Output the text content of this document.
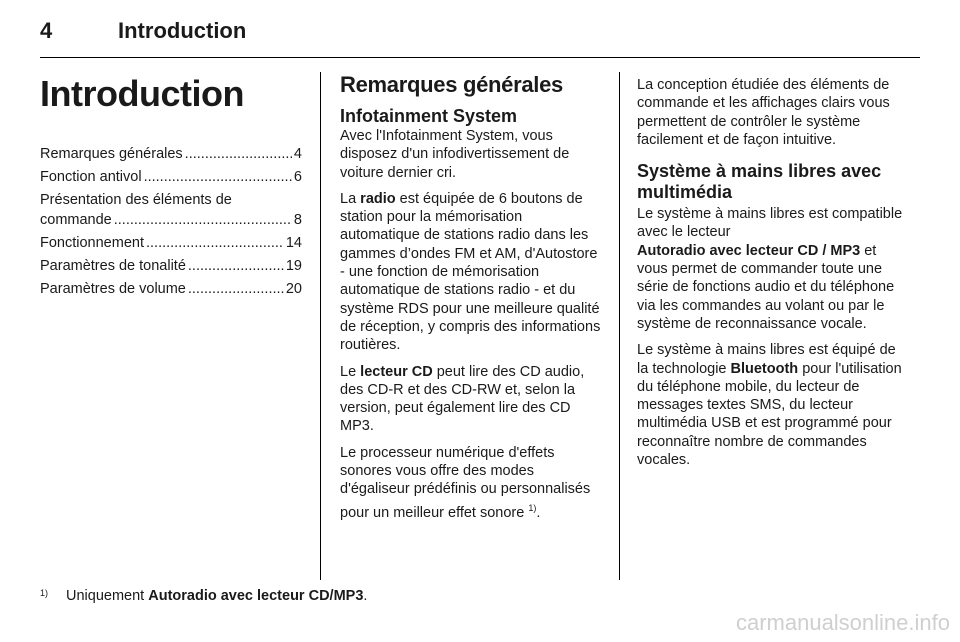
4	Introduction
Introduction
Remarques générales .....	4
Fonction antivol .....	6
Présentation des éléments de
commande .....	8
Fonctionnement .....	14
Paramètres de tonalité .....	19
Paramètres de volume .....	20
Remarques générales
Infotainment System

Avec l'Infotainment System, vous disposez d'un infodivertissement de voiture dernier cri.

La radio est équipée de 6 boutons de station pour la mémorisation automatique de stations radio dans les gammes d’ondes FM et AM, d'Autostore - une fonction de mémorisation automatique de stations radio - et du système RDS pour une meilleure qualité de réception, y compris des informations routières.

Le lecteur CD peut lire des CD audio, des CD-R et des CD-RW et, selon la version, peut également lire des CD MP3.

Le processeur numérique d'effets sonores vous offre des modes d'égaliseur prédéfinis ou personnalisés pour un meilleur effet sonore $^{1)}$.

La conception étudiée des éléments de commande et les affichages clairs vous permettent de contrôler le système facilement et de façon intuitive.

Système à mains libres avec multimédia

Le système à mains libres est compatible avec le lecteur
Autoradio avec lecteur CD / MP3 et vous permet de commander toute une série de fonctions audio et du téléphone via les commandes au volant ou par le système de reconnaissance vocale.

Le système à mains libres est équipé de la technologie Bluetooth pour l'utilisation du téléphone mobile, du lecteur de messages textes SMS, du lecteur multimédia USB et est programmé pour reconnaître nombre de commandes vocales.

$^{1)}$ Uniquement Autoradio avec lecteur CD/MP3.
carmanualsonline.info
